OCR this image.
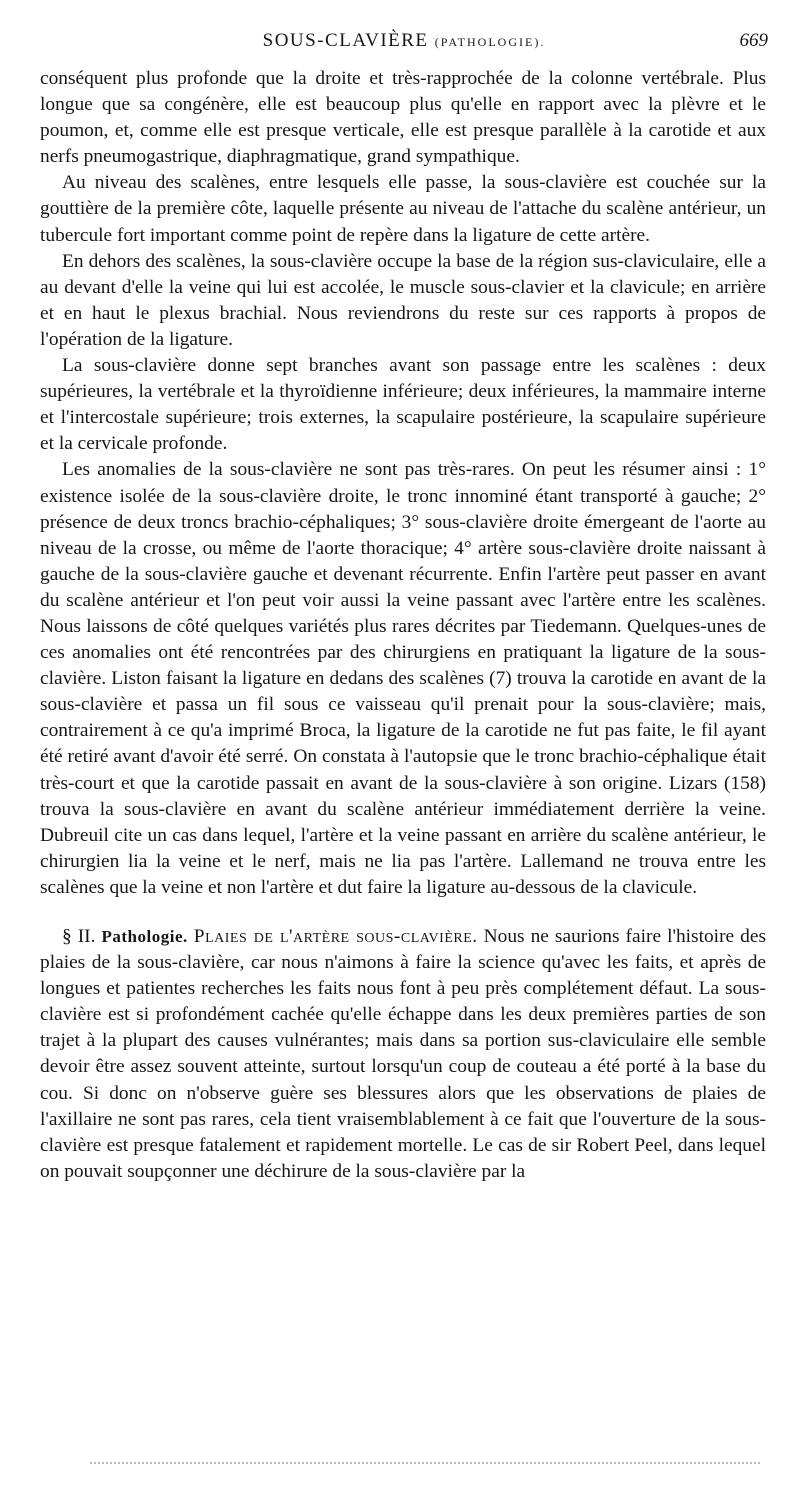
SOUS-CLAVIÈRE (PATHOLOGIE).	669

conséquent plus profonde que la droite et très-rapprochée de la colonne vertébrale. Plus longue que sa congénère, elle est beaucoup plus qu'elle en rapport avec la plèvre et le poumon, et, comme elle est presque verticale, elle est presque parallèle à la carotide et aux nerfs pneumogastrique, diaphragmatique, grand sympathique.

Au niveau des scalènes, entre lesquels elle passe, la sous-clavière est couchée sur la gouttière de la première côte, laquelle présente au niveau de l'attache du scalène antérieur, un tubercule fort important comme point de repère dans la ligature de cette artère.

En dehors des scalènes, la sous-clavière occupe la base de la région sus-claviculaire, elle a au devant d'elle la veine qui lui est accolée, le muscle sous-clavier et la clavicule; en arrière et en haut le plexus brachial. Nous reviendrons du reste sur ces rapports à propos de l'opération de la ligature.

La sous-clavière donne sept branches avant son passage entre les scalènes : deux supérieures, la vertébrale et la thyroïdienne inférieure; deux inférieures, la mammaire interne et l'intercostale supérieure; trois externes, la scapulaire postérieure, la scapulaire supérieure et la cervicale profonde.

Les anomalies de la sous-clavière ne sont pas très-rares. On peut les résumer ainsi : 1° existence isolée de la sous-clavière droite, le tronc innominé étant transporté à gauche; 2° présence de deux troncs brachio-céphaliques; 3° sous-clavière droite émergeant de l'aorte au niveau de la crosse, ou même de l'aorte thoracique; 4° artère sous-clavière droite naissant à gauche de la sous-clavière gauche et devenant récurrente. Enfin l'artère peut passer en avant du scalène antérieur et l'on peut voir aussi la veine passant avec l'artère entre les scalènes. Nous laissons de côté quelques variétés plus rares décrites par Tiedemann. Quelques-unes de ces anomalies ont été rencontrées par des chirurgiens en pratiquant la ligature de la sous-clavière. Liston faisant la ligature en dedans des scalènes (7) trouva la carotide en avant de la sous-clavière et passa un fil sous ce vaisseau qu'il prenait pour la sous-clavière; mais, contrairement à ce qu'a imprimé Broca, la ligature de la carotide ne fut pas faite, le fil ayant été retiré avant d'avoir été serré. On constata à l'autopsie que le tronc brachio-céphalique était très-court et que la carotide passait en avant de la sous-clavière à son origine. Lizars (158) trouva la sous-clavière en avant du scalène antérieur immédiatement derrière la veine. Dubreuil cite un cas dans lequel, l'artère et la veine passant en arrière du scalène antérieur, le chirurgien lia la veine et le nerf, mais ne lia pas l'artère. Lallemand ne trouva entre les scalènes que la veine et non l'artère et dut faire la ligature au-dessous de la clavicule.

§ II. Pathologie. Plaies de l'artère sous-clavière. Nous ne saurions faire l'histoire des plaies de la sous-clavière, car nous n'aimons à faire la science qu'avec les faits, et après de longues et patientes recherches les faits nous font à peu près complétement défaut. La sous-clavière est si profondément cachée qu'elle échappe dans les deux premières parties de son trajet à la plupart des causes vulnérantes; mais dans sa portion sus-claviculaire elle semble devoir être assez souvent atteinte, surtout lorsqu'un coup de couteau a été porté à la base du cou. Si donc on n'observe guère ses blessures alors que les observations de plaies de l'axillaire ne sont pas rares, cela tient vraisemblablement à ce fait que l'ouverture de la sous-clavière est presque fatalement et rapidement mortelle. Le cas de sir Robert Peel, dans lequel on pouvait soupçonner une déchirure de la sous-clavière par la
